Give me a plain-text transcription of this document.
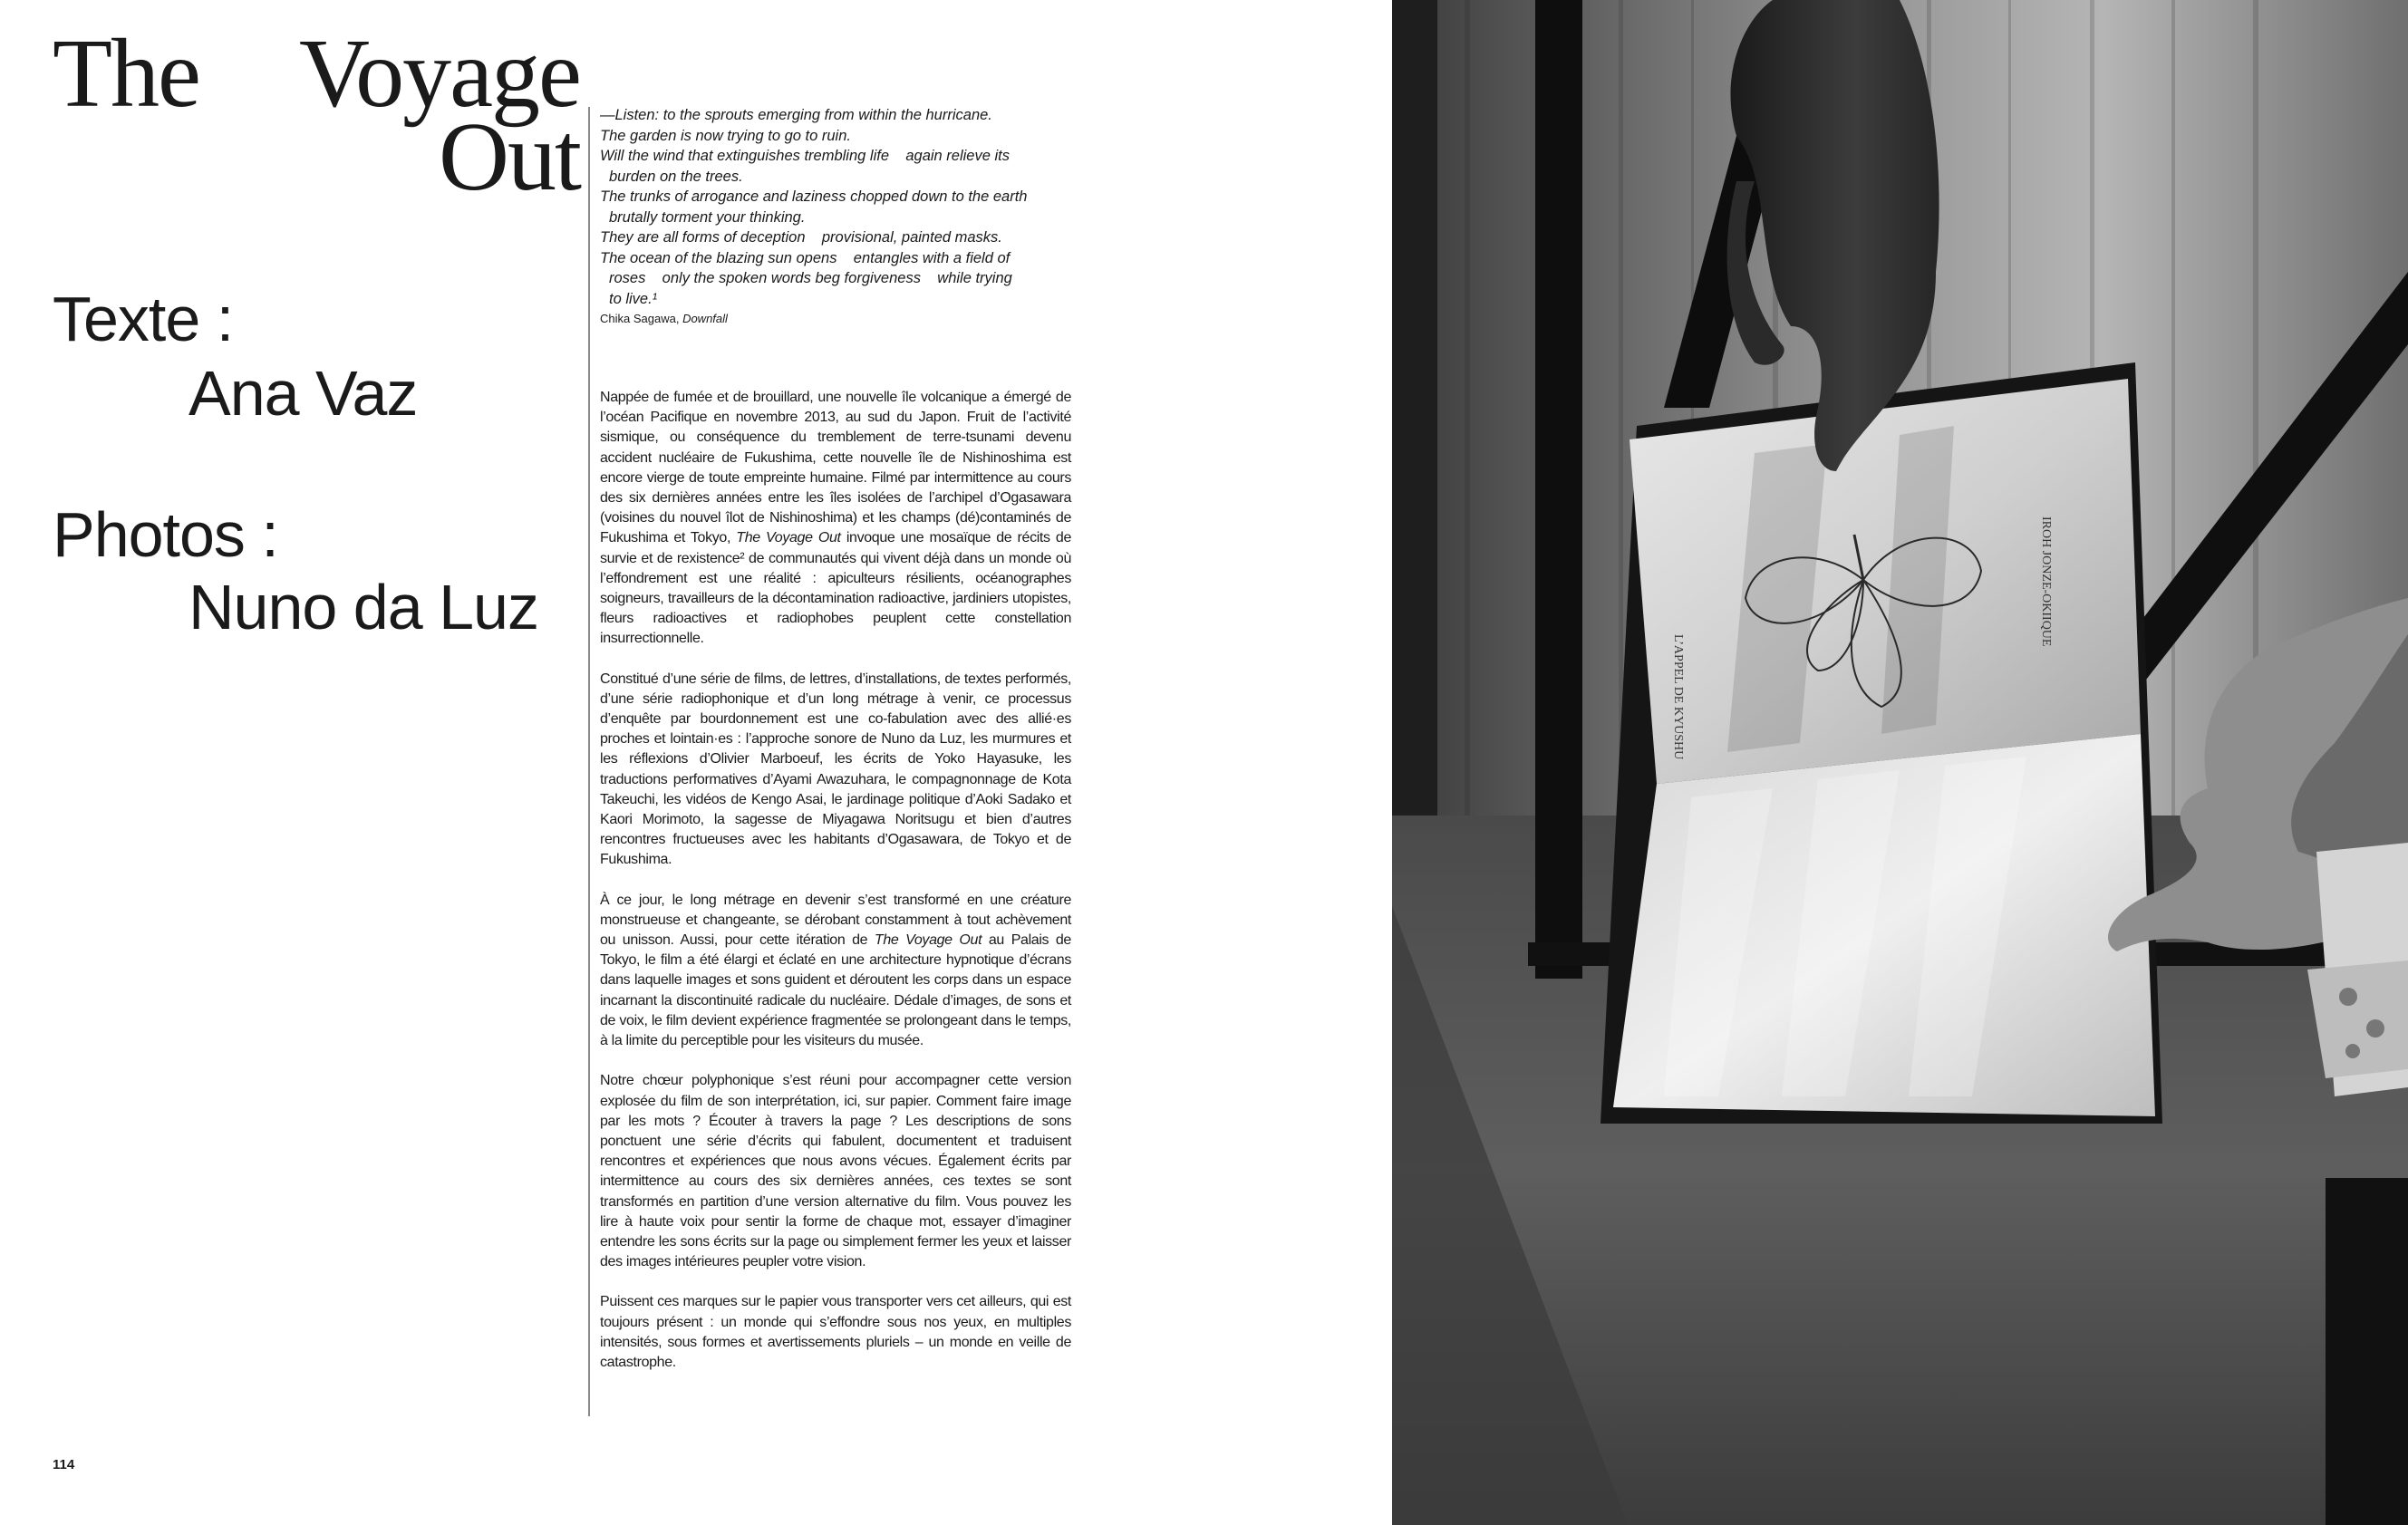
The Voyage
Out
Texte :
Ana Vaz
Photos :
Nuno da Luz
—Listen: to the sprouts emerging from within the hurricane.
The garden is now trying to go to ruin.
Will the wind that extinguishes trembling life    again relieve its
burden on the trees.
The trunks of arrogance and laziness chopped down to the earth
brutally torment your thinking.
They are all forms of deception    provisional, painted masks.
The ocean of the blazing sun opens    entangles with a field of
roses    only the spoken words beg forgiveness    while trying
to live.¹
Chika Sagawa, Downfall

Nappée de fumée et de brouillard, une nouvelle île volcanique a émergé de l’océan Pacifique en novembre 2013, au sud du Japon. Fruit de l’activité sismique, ou conséquence du tremblement de terre-tsunami devenu accident nucléaire de Fukushima, cette nouvelle île de Nishinoshima est encore vierge de toute empreinte humaine. Filmé par intermittence au cours des six dernières années entre les îles isolées de l’archipel d’Ogasawara (voisines du nouvel îlot de Nishinoshima) et les champs (dé)contaminés de Fukushima et Tokyo, The Voyage Out invoque une mosaïque de récits de survie et de rexistence² de communautés qui vivent déjà dans un monde où l’effondrement est une réalité : apiculteurs résilients, océanographes soigneurs, travailleurs de la décontamination radioactive, jardiniers utopistes, fleurs radioactives et radiophobes peuplent cette constellation insurrectionnelle.

Constitué d’une série de films, de lettres, d’installations, de textes performés, d’une série radiophonique et d’un long métrage à venir, ce processus d’enquête par bourdonnement est une co-fabulation avec des allié·es proches et lointain·es : l’approche sonore de Nuno da Luz, les murmures et les réflexions d’Olivier Marboeuf, les écrits de Yoko Hayasuke, les traductions performatives d’Ayami Awazuhara, le compagnonnage de Kota Takeuchi, les vidéos de Kengo Asai, le jardinage politique d’Aoki Sadako et Kaori Morimoto, la sagesse de Miyagawa Noritsugu et bien d’autres rencontres fructueuses avec les habitants d’Ogasawara, de Tokyo et de Fukushima.

À ce jour, le long métrage en devenir s’est transformé en une créature monstrueuse et changeante, se dérobant constamment à tout achèvement ou unisson. Aussi, pour cette itération de The Voyage Out au Palais de Tokyo, le film a été élargi et éclaté en une architecture hypnotique d’écrans dans laquelle images et sons guident et déroutent les corps dans un espace incarnant la discontinuité radicale du nucléaire. Dédale d’images, de sons et de voix, le film devient expérience fragmentée se prolongeant dans le temps, à la limite du perceptible pour les visiteurs du musée.

Notre chœur polyphonique s’est réuni pour accompagner cette version explosée du film de son interprétation, ici, sur papier. Comment faire image par les mots ? Écouter à travers la page ? Les descriptions de sons ponctuent une série d’écrits qui fabulent, documentent et traduisent rencontres et expériences que nous avons vécues. Également écrits par intermittence au cours des six dernières années, ces textes se sont transformés en partition d’une version alternative du film. Vous pouvez les lire à haute voix pour sentir la forme de chaque mot, essayer d’imaginer entendre les sons écrits sur la page ou simplement fermer les yeux et laisser des images intérieures peupler votre vision.

Puissent ces marques sur le papier vous transporter vers cet ailleurs, qui est toujours présent : un monde qui s’effondre sous nos yeux, en multiples intensités, sous formes et avertissements pluriels – un monde en veille de catastrophe.

114
L’APPEL DE KYUSHU
IROH JONZE-OKIIQUE
